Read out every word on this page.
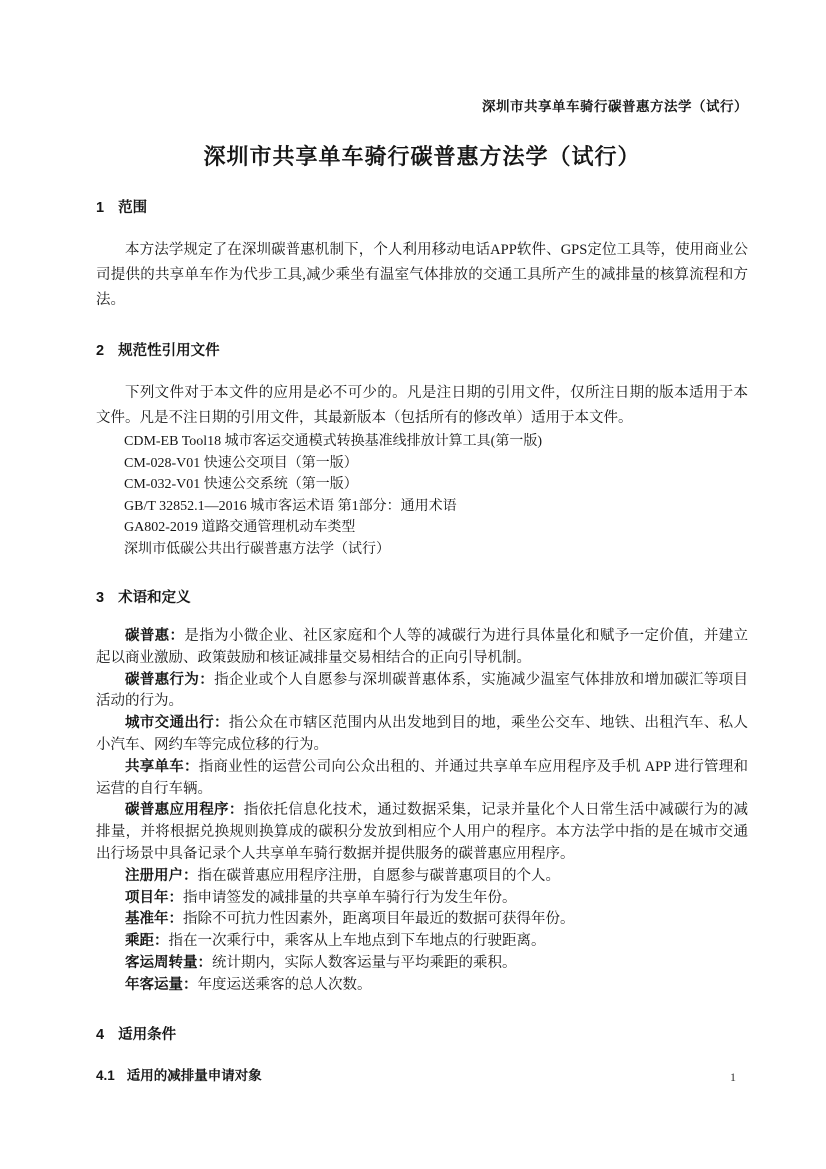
深圳市共享单车骑行碳普惠方法学（试行）
深圳市共享单车骑行碳普惠方法学（试行）
1 范围

本方法学规定了在深圳碳普惠机制下，个人利用移动电话APP软件、GPS定位工具等，使用商业公司提供的共享单车作为代步工具,减少乘坐有温室气体排放的交通工具所产生的减排量的核算流程和方法。

2 规范性引用文件

下列文件对于本文件的应用是必不可少的。凡是注日期的引用文件，仅所注日期的版本适用于本文件。凡是不注日期的引用文件，其最新版本（包括所有的修改单）适用于本文件。

CDM-EB Tool18 城市客运交通模式转换基准线排放计算工具(第一版)
CM-028-V01 快速公交项目（第一版）
CM-032-V01 快速公交系统（第一版）
GB/T 32852.1—2016 城市客运术语 第1部分：通用术语
GA802-2019 道路交通管理机动车类型
深圳市低碳公共出行碳普惠方法学（试行）
3 术语和定义

碳普惠：是指为小微企业、社区家庭和个人等的减碳行为进行具体量化和赋予一定价值，并建立起以商业激励、政策鼓励和核证减排量交易相结合的正向引导机制。

碳普惠行为：指企业或个人自愿参与深圳碳普惠体系，实施减少温室气体排放和增加碳汇等项目活动的行为。

城市交通出行：指公众在市辖区范围内从出发地到目的地，乘坐公交车、地铁、出租汽车、私人小汽车、网约车等完成位移的行为。

共享单车：指商业性的运营公司向公众出租的、并通过共享单车应用程序及手机 APP 进行管理和运营的自行车辆。

碳普惠应用程序：指依托信息化技术，通过数据采集，记录并量化个人日常生活中减碳行为的减排量，并将根据兑换规则换算成的碳积分发放到相应个人用户的程序。本方法学中指的是在城市交通出行场景中具备记录个人共享单车骑行数据并提供服务的碳普惠应用程序。

注册用户：指在碳普惠应用程序注册，自愿参与碳普惠项目的个人。

项目年：指申请签发的减排量的共享单车骑行行为发生年份。

基准年：指除不可抗力性因素外，距离项目年最近的数据可获得年份。

乘距：指在一次乘行中，乘客从上车地点到下车地点的行驶距离。

客运周转量：统计期内，实际人数客运量与平均乘距的乘积。

年客运量：年度运送乘客的总人次数。

4 适用条件
4.1 适用的减排量申请对象	1
